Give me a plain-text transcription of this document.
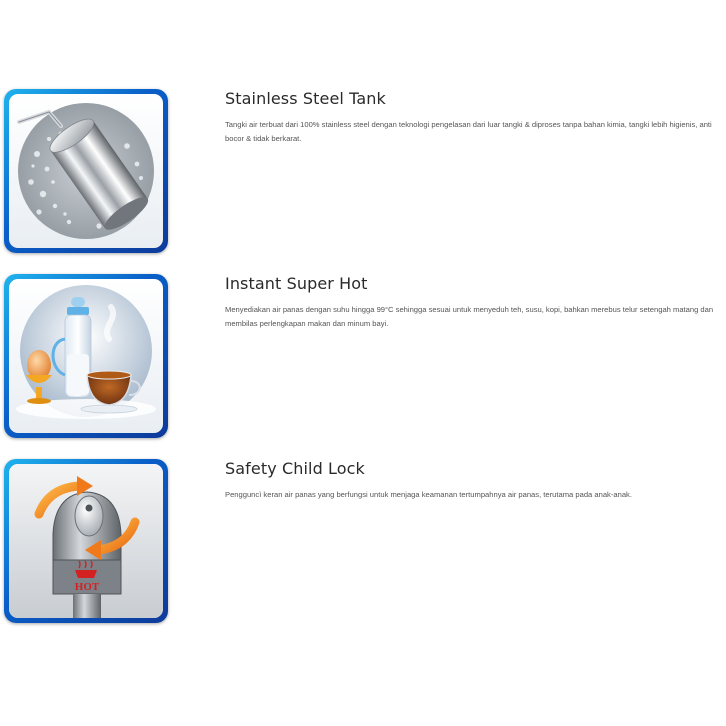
Stainless Steel Tank

Tangki air terbuat dari 100% stainless steel dengan teknologi pengelasan dari luar tangki & diproses tanpa bahan kimia, tangki lebih higienis, anti bocor & tidak berkarat.

Instant Super Hot

Menyediakan air panas dengan suhu hingga 99°C sehingga sesuai untuk menyeduh teh, susu, kopi, bahkan merebus telur setengah matang dan membilas perlengkapan makan dan minum bayi.

HOT
Safety Child Lock

Pengguncì keran air panas yang berfungsi untuk menjaga keamanan tertumpahnya air panas, terutama pada anak-anak.
